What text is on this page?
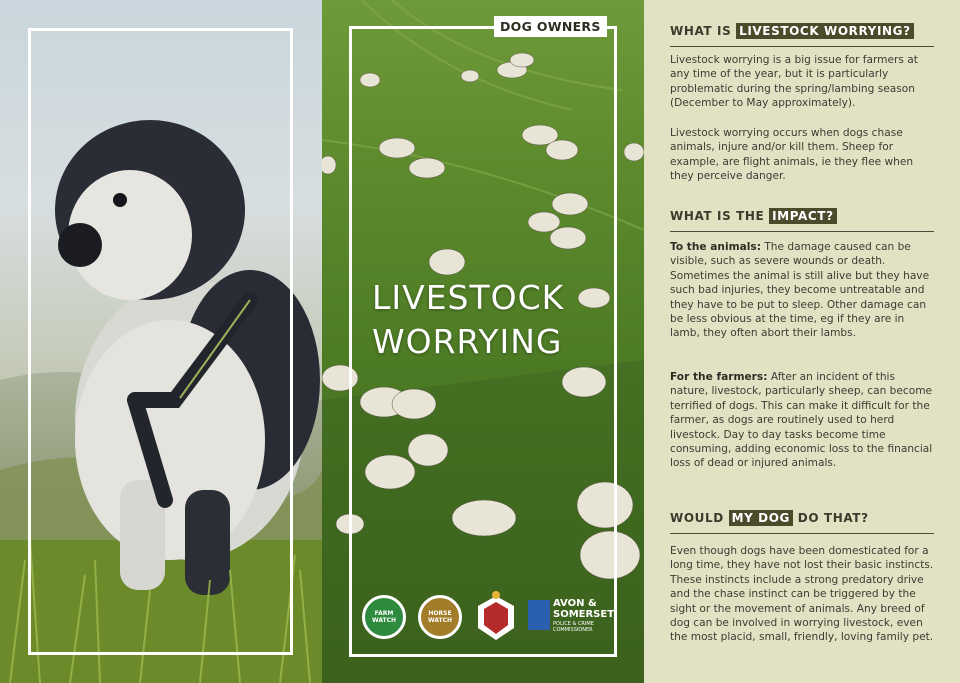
DOG OWNERS
LIVESTOCK
WORRYING
FARM WATCH
HORSE WATCH
AVON &
SOMERSET
POLICE & CRIME COMMISSIONER
WHAT IS LIVESTOCK WORRYING?

Livestock worrying is a big issue for farmers at any time of the year, but it is particularly problematic during the spring/lambing season (December to May approximately).

Livestock worrying occurs when dogs chase animals, injure and/or kill them. Sheep for example, are flight animals, ie they flee when they perceive danger.

WHAT IS THE IMPACT?

To the animals: The damage caused can be visible, such as severe wounds or death. Sometimes the animal is still alive but they have such bad injuries, they become untreatable and they have to be put to sleep. Other damage can be less obvious at the time, eg if they are in lamb, they often abort their lambs.

For the farmers: After an incident of this nature, livestock, particularly sheep, can become terrified of dogs. This can make it difficult for the farmer, as dogs are routinely used to herd livestock. Day to day tasks become time consuming, adding economic loss to the financial loss of dead or injured animals.

WOULD MY DOG DO THAT?

Even though dogs have been domesticated for a long time, they have not lost their basic instincts. These instincts include a strong predatory drive and the chase instinct can be triggered by the sight or the movement of animals. Any breed of dog can be involved in worrying livestock, even the most placid, small, friendly, loving family pet.
